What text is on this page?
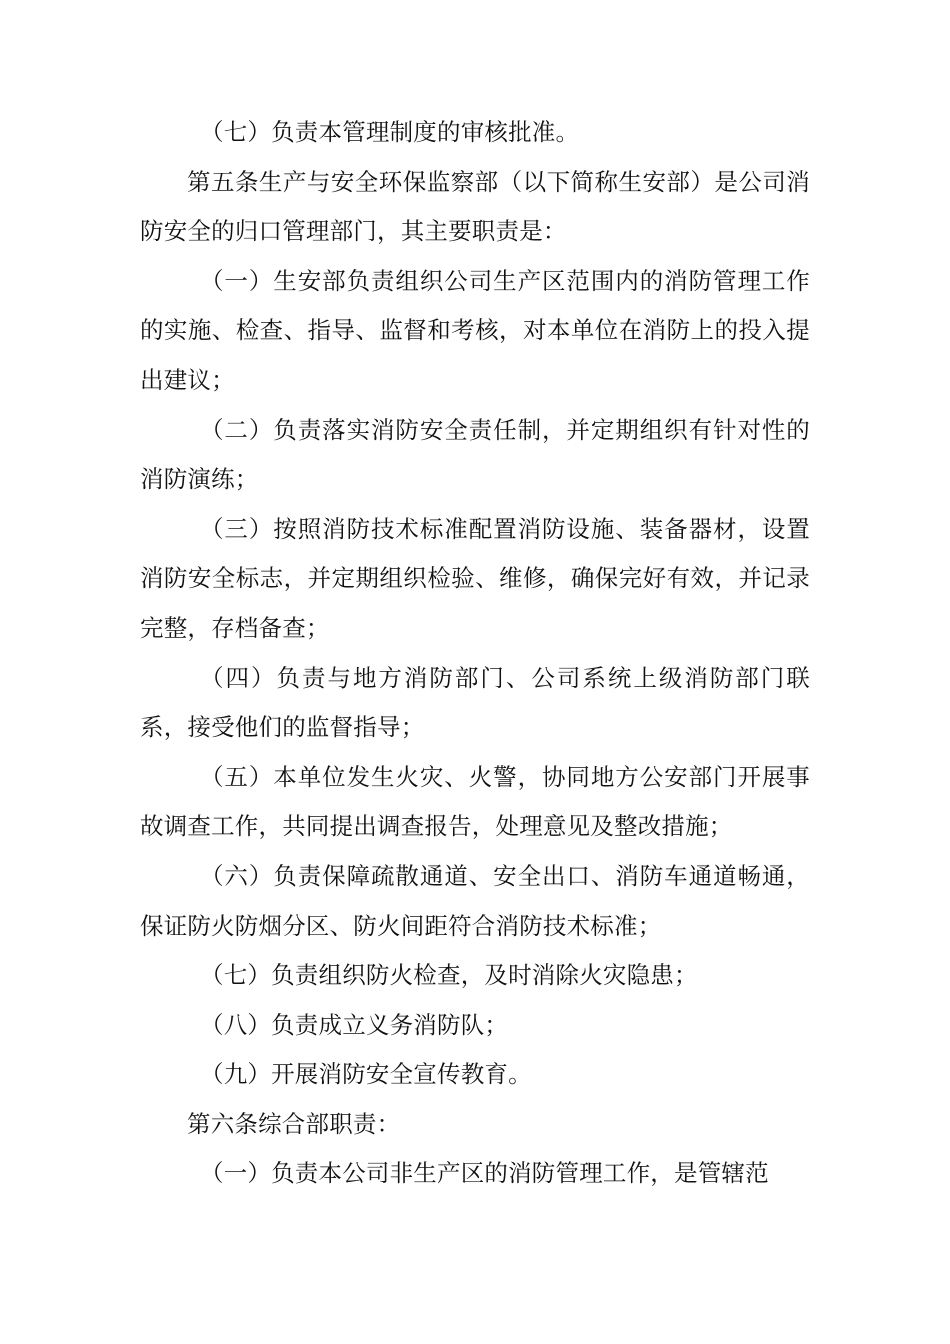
（七）负责本管理制度的审核批准。

第五条生产与安全环保监察部（以下简称生安部）是公司消防安全的归口管理部门，其主要职责是：

（一）生安部负责组织公司生产区范围内的消防管理工作的实施、检查、指导、监督和考核，对本单位在消防上的投入提出建议；

（二）负责落实消防安全责任制，并定期组织有针对性的消防演练；

（三）按照消防技术标准配置消防设施、装备器材，设置消防安全标志，并定期组织检验、维修，确保完好有效，并记录完整，存档备查；

（四）负责与地方消防部门、公司系统上级消防部门联系，接受他们的监督指导；

（五）本单位发生火灾、火警，协同地方公安部门开展事故调查工作，共同提出调查报告，处理意见及整改措施；

（六）负责保障疏散通道、安全出口、消防车通道畅通，保证防火防烟分区、防火间距符合消防技术标准；

（七）负责组织防火检查，及时消除火灾隐患；

（八）负责成立义务消防队；

（九）开展消防安全宣传教育。

第六条综合部职责：

（一）负责本公司非生产区的消防管理工作，是管辖范
